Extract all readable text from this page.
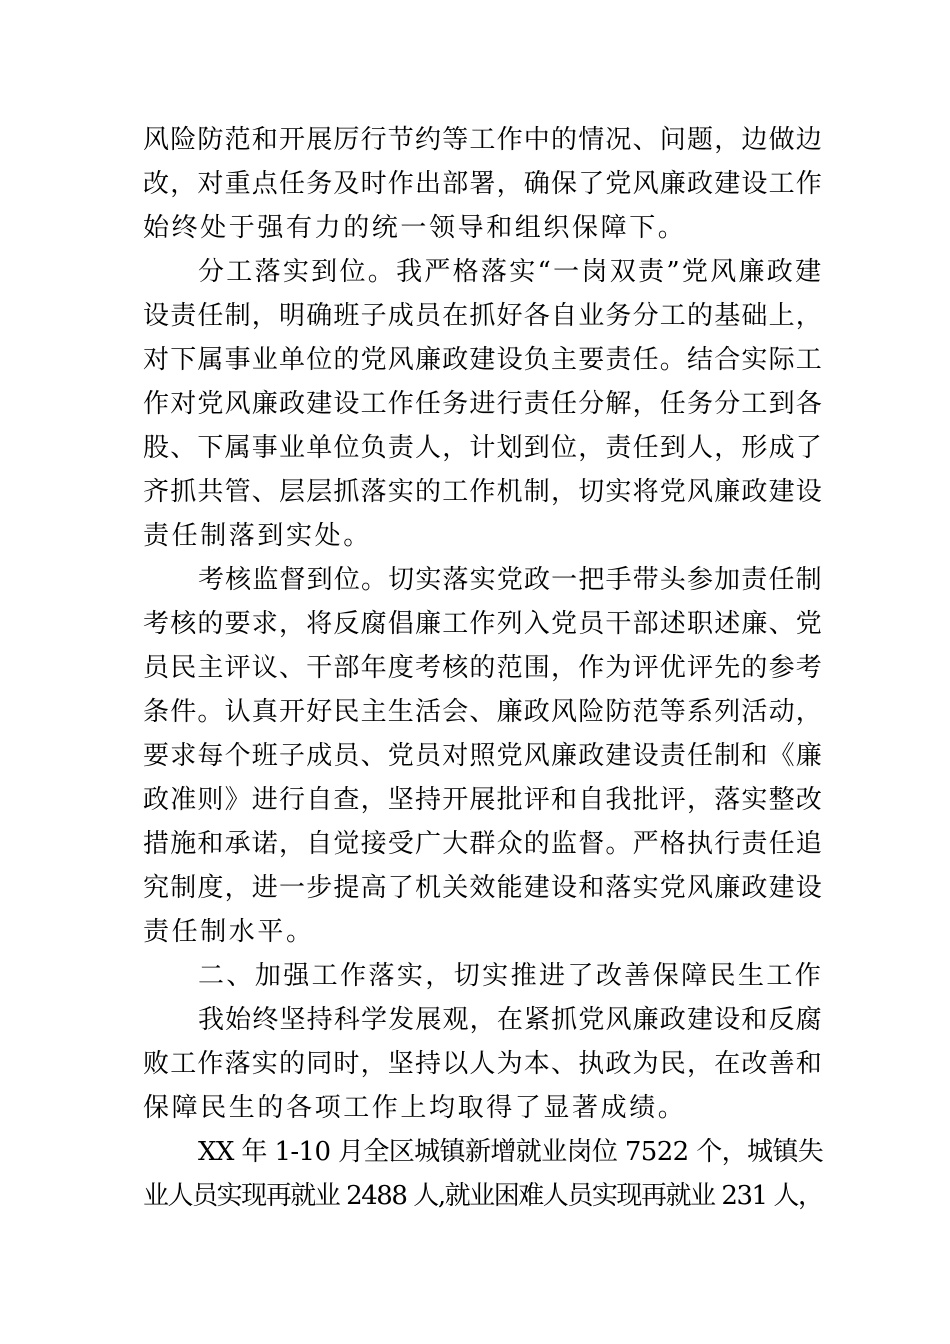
风险防范和开展厉行节约等工作中的情况、问题，边做边
改，对重点任务及时作出部署，确保了党风廉政建设工作
始终处于强有力的统一领导和组织保障下。
分工落实到位。我严格落实“一岗双责”党风廉政建
设责任制，明确班子成员在抓好各自业务分工的基础上，
对下属事业单位的党风廉政建设负主要责任。结合实际工
作对党风廉政建设工作任务进行责任分解，任务分工到各
股、下属事业单位负责人，计划到位，责任到人，形成了
齐抓共管、层层抓落实的工作机制，切实将党风廉政建设
责任制落到实处。
考核监督到位。切实落实党政一把手带头参加责任制
考核的要求，将反腐倡廉工作列入党员干部述职述廉、党
员民主评议、干部年度考核的范围，作为评优评先的参考
条件。认真开好民主生活会、廉政风险防范等系列活动，
要求每个班子成员、党员对照党风廉政建设责任制和《廉
政准则》进行自查，坚持开展批评和自我批评，落实整改
措施和承诺，自觉接受广大群众的监督。严格执行责任追
究制度，进一步提高了机关效能建设和落实党风廉政建设
责任制水平。
二、加强工作落实，切实推进了改善保障民生工作
我始终坚持科学发展观，在紧抓党风廉政建设和反腐
败工作落实的同时，坚持以人为本、执政为民，在改善和
保障民生的各项工作上均取得了显著成绩。
XX 年 1-10 月全区城镇新增就业岗位 7522 个，城镇失
业人员实现再就业 2488 人,就业困难人员实现再就业 231 人，
